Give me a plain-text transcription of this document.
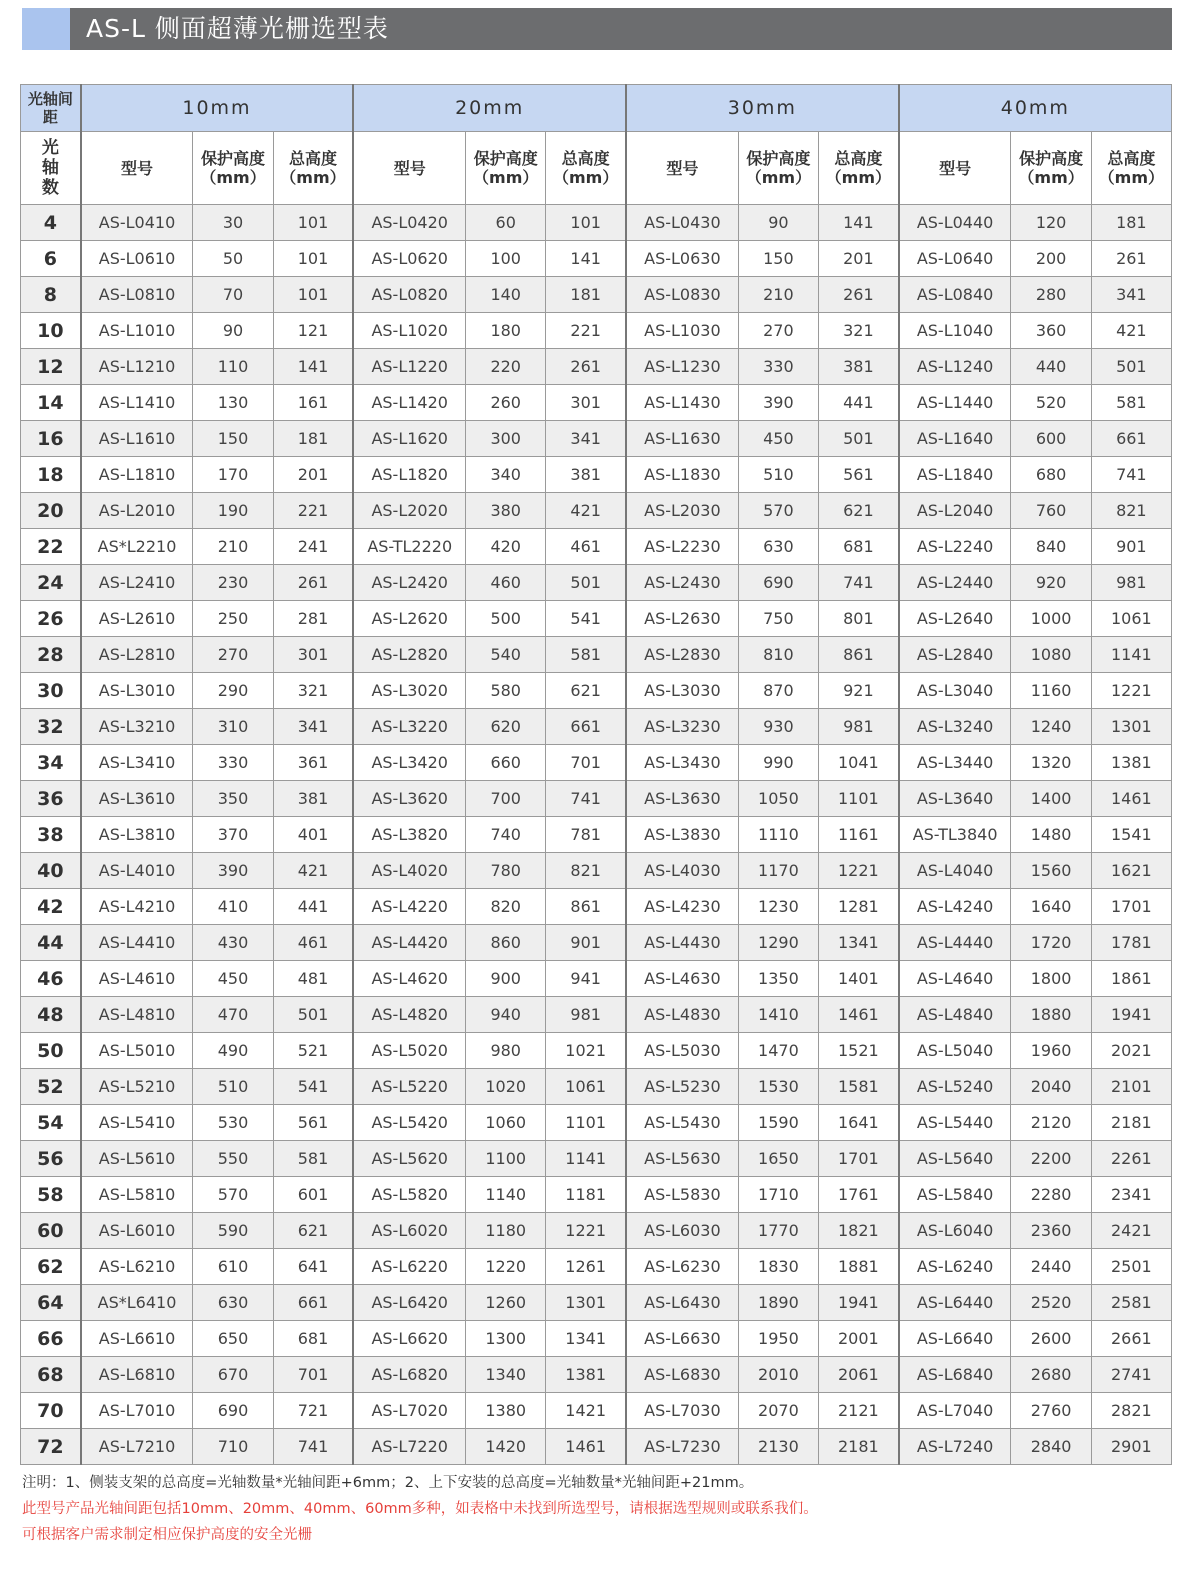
AS-L 侧面超薄光栅选型表
光轴间距	10mm			20mm			30mm			40mm		

光轴数	型号	保护高度（mm）	总高度（mm）	型号	保护高度（mm）	总高度（mm）	型号	保护高度（mm）	总高度（mm）	型号	保护高度（mm）	总高度（mm）
4	AS-L0410	30	101	AS-L0420	60	101	AS-L0430	90	141	AS-L0440	120	181
6	AS-L0610	50	101	AS-L0620	100	141	AS-L0630	150	201	AS-L0640	200	261
8	AS-L0810	70	101	AS-L0820	140	181	AS-L0830	210	261	AS-L0840	280	341
10	AS-L1010	90	121	AS-L1020	180	221	AS-L1030	270	321	AS-L1040	360	421
12	AS-L1210	110	141	AS-L1220	220	261	AS-L1230	330	381	AS-L1240	440	501
14	AS-L1410	130	161	AS-L1420	260	301	AS-L1430	390	441	AS-L1440	520	581
16	AS-L1610	150	181	AS-L1620	300	341	AS-L1630	450	501	AS-L1640	600	661
18	AS-L1810	170	201	AS-L1820	340	381	AS-L1830	510	561	AS-L1840	680	741
20	AS-L2010	190	221	AS-L2020	380	421	AS-L2030	570	621	AS-L2040	760	821
22	AS*L2210	210	241	AS-TL2220	420	461	AS-L2230	630	681	AS-L2240	840	901
24	AS-L2410	230	261	AS-L2420	460	501	AS-L2430	690	741	AS-L2440	920	981
26	AS-L2610	250	281	AS-L2620	500	541	AS-L2630	750	801	AS-L2640	1000	1061
28	AS-L2810	270	301	AS-L2820	540	581	AS-L2830	810	861	AS-L2840	1080	1141
30	AS-L3010	290	321	AS-L3020	580	621	AS-L3030	870	921	AS-L3040	1160	1221
32	AS-L3210	310	341	AS-L3220	620	661	AS-L3230	930	981	AS-L3240	1240	1301
34	AS-L3410	330	361	AS-L3420	660	701	AS-L3430	990	1041	AS-L3440	1320	1381
36	AS-L3610	350	381	AS-L3620	700	741	AS-L3630	1050	1101	AS-L3640	1400	1461
38	AS-L3810	370	401	AS-L3820	740	781	AS-L3830	1110	1161	AS-TL3840	1480	1541
40	AS-L4010	390	421	AS-L4020	780	821	AS-L4030	1170	1221	AS-L4040	1560	1621
42	AS-L4210	410	441	AS-L4220	820	861	AS-L4230	1230	1281	AS-L4240	1640	1701
44	AS-L4410	430	461	AS-L4420	860	901	AS-L4430	1290	1341	AS-L4440	1720	1781
46	AS-L4610	450	481	AS-L4620	900	941	AS-L4630	1350	1401	AS-L4640	1800	1861
48	AS-L4810	470	501	AS-L4820	940	981	AS-L4830	1410	1461	AS-L4840	1880	1941
50	AS-L5010	490	521	AS-L5020	980	1021	AS-L5030	1470	1521	AS-L5040	1960	2021
52	AS-L5210	510	541	AS-L5220	1020	1061	AS-L5230	1530	1581	AS-L5240	2040	2101
54	AS-L5410	530	561	AS-L5420	1060	1101	AS-L5430	1590	1641	AS-L5440	2120	2181
56	AS-L5610	550	581	AS-L5620	1100	1141	AS-L5630	1650	1701	AS-L5640	2200	2261
58	AS-L5810	570	601	AS-L5820	1140	1181	AS-L5830	1710	1761	AS-L5840	2280	2341
60	AS-L6010	590	621	AS-L6020	1180	1221	AS-L6030	1770	1821	AS-L6040	2360	2421
62	AS-L6210	610	641	AS-L6220	1220	1261	AS-L6230	1830	1881	AS-L6240	2440	2501
64	AS*L6410	630	661	AS-L6420	1260	1301	AS-L6430	1890	1941	AS-L6440	2520	2581
66	AS-L6610	650	681	AS-L6620	1300	1341	AS-L6630	1950	2001	AS-L6640	2600	2661
68	AS-L6810	670	701	AS-L6820	1340	1381	AS-L6830	2010	2061	AS-L6840	2680	2741
70	AS-L7010	690	721	AS-L7020	1380	1421	AS-L7030	2070	2121	AS-L7040	2760	2821
72	AS-L7210	710	741	AS-L7220	1420	1461	AS-L7230	2130	2181	AS-L7240	2840	2901
注明：1、侧装支架的总高度=光轴数量*光轴间距+6mm；2、上下安装的总高度=光轴数量*光轴间距+21mm。
此型号产品光轴间距包括10mm、20mm、40mm、60mm多种，如表格中未找到所选型号，请根据选型规则或联系我们。
可根据客户需求制定相应保护高度的安全光栅
